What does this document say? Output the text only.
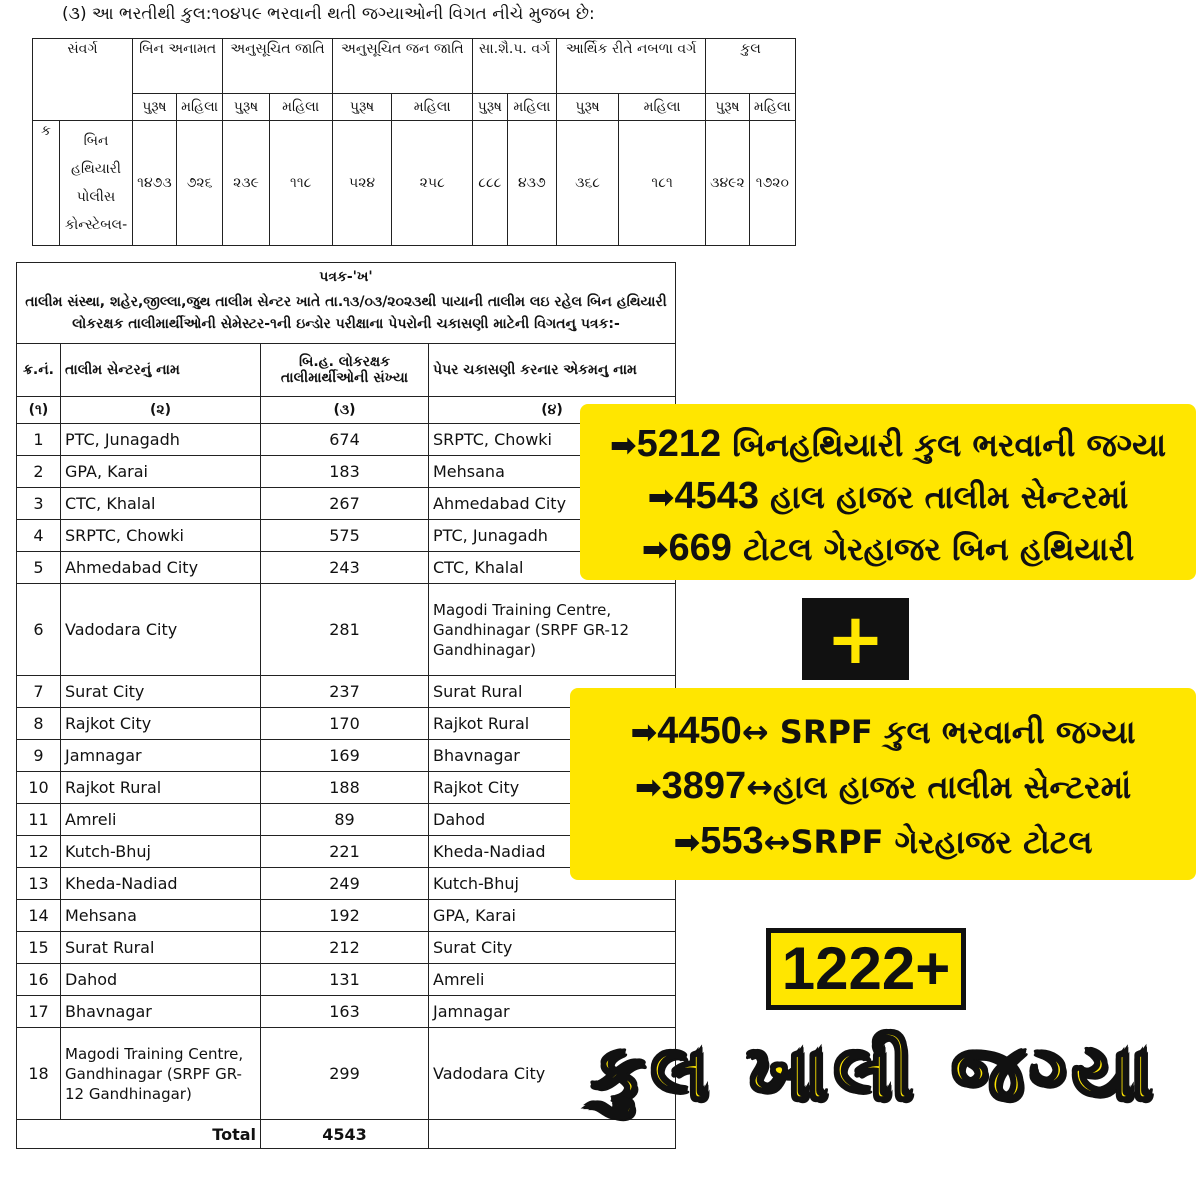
(૩) આ ભરતીથી કુલ:૧૦૪૫૯ ભરવાની થતી જગ્યાઓની વિગત નીચે મુજબ છે:
સંવર્ગ		બિન અનામત		અનુસૂચિત જાતિ		અનુસૂચિત જન જાતિ		સા.શૈ.પ. વર્ગ		આર્થિક રીતે નબળા વર્ગ		કુલ	
		પુરૂષ	મહિલા	પુરૂષ	મહિલા	પુરૂષ	મહિલા	પુરૂષ	મહિલા	પુરૂષ	મહિલા	પુરૂષ	મહિલા
ક	બિન હથિયારી પોલીસ કોન્સ્ટેબલ-	૧૪૭૩	૭૨૬	૨૩૯	૧૧૮	૫૨૪	૨૫૮	૮૮૮	૪૩૭	૩૬૮	૧૮૧	૩૪૯૨	૧૭૨૦
પત્રક-'ખ'
તાલીમ સંસ્થા, શહેર,જીલ્લા,જુથ તાલીમ સેન્ટર ખાતે તા.૧૩/૦૩/૨૦૨૩થી પાયાની તાલીમ લઇ રહેલ બિન હથિયારી લોકરક્ષક તાલીમાર્થીઓની સેમેસ્ટર-૧ની ઇન્ડોર પરીક્ષાના પેપરોની ચકાસણી માટેની વિગતનુ પત્રક:-
ક્ર.નં.	તાલીમ સેન્ટરનું નામ	બિ.હ. લોકરક્ષક તાલીમાર્થીઓની સંખ્યા	પેપર ચકાસણી કરનાર એકમનુ નામ
(૧)	(૨)	(૩)	(૪)
1	PTC, Junagadh	674	SRPTC, Chowki
2	GPA, Karai	183	Mehsana
3	CTC, Khalal	267	Ahmedabad City
4	SRPTC, Chowki	575	PTC, Junagadh
5	Ahmedabad City	243	CTC, Khalal
6	Vadodara City	281	Magodi Training Centre, Gandhinagar (SRPF GR-12 Gandhinagar)
7	Surat City	237	Surat Rural
8	Rajkot City	170	Rajkot Rural
9	Jamnagar	169	Bhavnagar
10	Rajkot Rural	188	Rajkot City
11	Amreli	89	Dahod
12	Kutch-Bhuj	221	Kheda-Nadiad
13	Kheda-Nadiad	249	Kutch-Bhuj
14	Mehsana	192	GPA, Karai
15	Surat Rural	212	Surat City
16	Dahod	131	Amreli
17	Bhavnagar	163	Jamnagar
18	Magodi Training Centre, Gandhinagar (SRPF GR-12 Gandhinagar)	299	Vadodara City
Total		4543	
➡5212 બિનહથિયારી કુલ ભરવાની જગ્યા
➡4543 હાલ હાજર તાલીમ સેન્ટરમાં
➡669 ટોટલ ગેરહાજર બિન હથિયારી
+
➡4450↔ SRPF કુલ ભરવાની જગ્યા
➡3897↔હાલ હાજર તાલીમ સેન્ટરમાં
➡553↔SRPF ગેરહાજર ટોટલ
1222+
કુલ ખાલી જગ્યા
